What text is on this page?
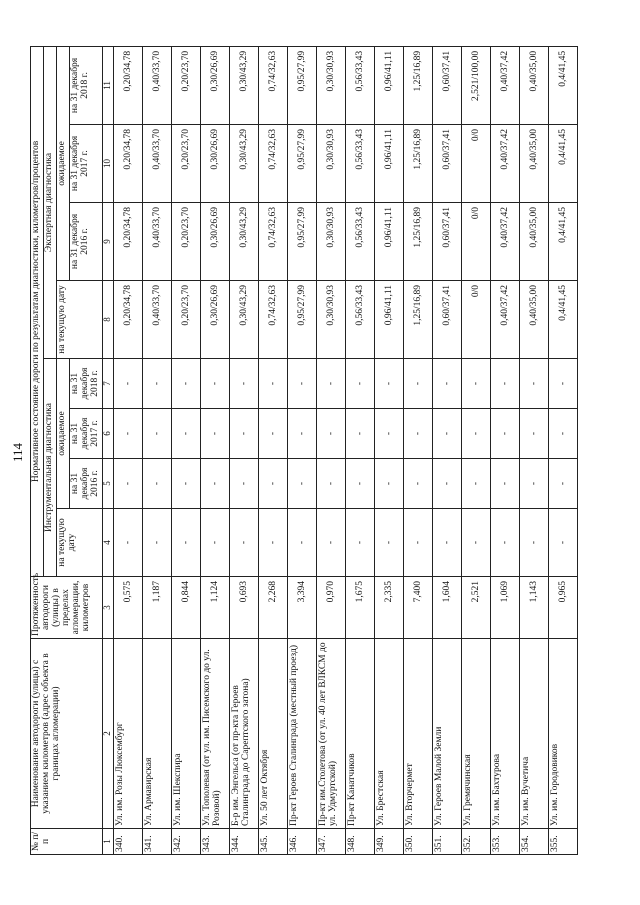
114
№ п/п	Наименование автодороги (улицы) с указанием километров (адрес объекта в границах агломерации)	Протяженность автодороги (улицы) в пределах агломерации, километров	Нормативное состояние дороги по результатам диагностики, километров/процентов							
			Инструментальная диагностика				Экспертная диагностика			
			на текущую дату	ожидаемое			на текущую дату	ожидаемое		
				на 31 декабря 2016 г.	на 31 декабря 2017 г.	на 31 декабря 2018 г.		на 31 декабря 2016 г.	на 31 декабря 2017 г.	на 31 декабря 2018 г.
1	2	3	4	5	6	7	8	9	10	11
340.	Ул. им. Розы Люксембург	0,575	-	-	-	-	0,20/34,78	0,20/34,78	0,20/34,78	0,20/34,78
341.	Ул. Армавирская	1,187	-	-	-	-	0,40/33,70	0,40/33,70	0,40/33,70	0,40/33,70
342.	Ул. им. Шекспира	0,844	-	-	-	-	0,20/23,70	0,20/23,70	0,20/23,70	0,20/23,70
343.	Ул. Тополевая (от ул. им. Писемского до ул. Розовой)	1,124	-	-	-	-	0,30/26,69	0,30/26,69	0,30/26,69	0,30/26,69
344.	Б-р им. Энгельса (от пр-кта Героев Сталинграда до Сарептского затона)	0,693	-	-	-	-	0,30/43,29	0,30/43,29	0,30/43,29	0,30/43,29
345.	Ул. 50 лет Октября	2,268	-	-	-	-	0,74/32,63	0,74/32,63	0,74/32,63	0,74/32,63
346.	Пр-кт Героев Сталинграда (местный проезд)	3,394	-	-	-	-	0,95/27,99	0,95/27,99	0,95/27,99	0,95/27,99
347.	Пр-кт им.Столетова (от ул. 40 лет ВЛКСМ до ул. Удмуртской)	0,970	-	-	-	-	0,30/30,93	0,30/30,93	0,30/30,93	0,30/30,93
348.	Пр-кт Канатчиков	1,675	-	-	-	-	0,56/33,43	0,56/33,43	0,56/33,43	0,56/33,43
349.	Ул. Брестская	2,335	-	-	-	-	0,96/41,11	0,96/41,11	0,96/41,11	0,96/41,11
350.	Ул. Вторчермет	7,400	-	-	-	-	1,25/16,89	1,25/16,89	1,25/16,89	1,25/16,89
351.	Ул. Героев Малой Земли	1,604	-	-	-	-	0,60/37,41	0,60/37,41	0,60/37,41	0,60/37,41
352.	Ул. Гремячинская	2,521	-	-	-	-	0/0	0/0	0/0	2,521/100,00
353.	Ул. им. Бахтурова	1,069	-	-	-	-	0,40/37,42	0,40/37,42	0,40/37,42	0,40/37,42
354.	Ул. им. Вучетича	1,143	-	-	-	-	0,40/35,00	0,40/35,00	0,40/35,00	0,40/35,00
355.	Ул. им. Городовиков	0,965	-	-	-	-	0,4/41,45	0,4/41,45	0,4/41,45	0,4/41,45
